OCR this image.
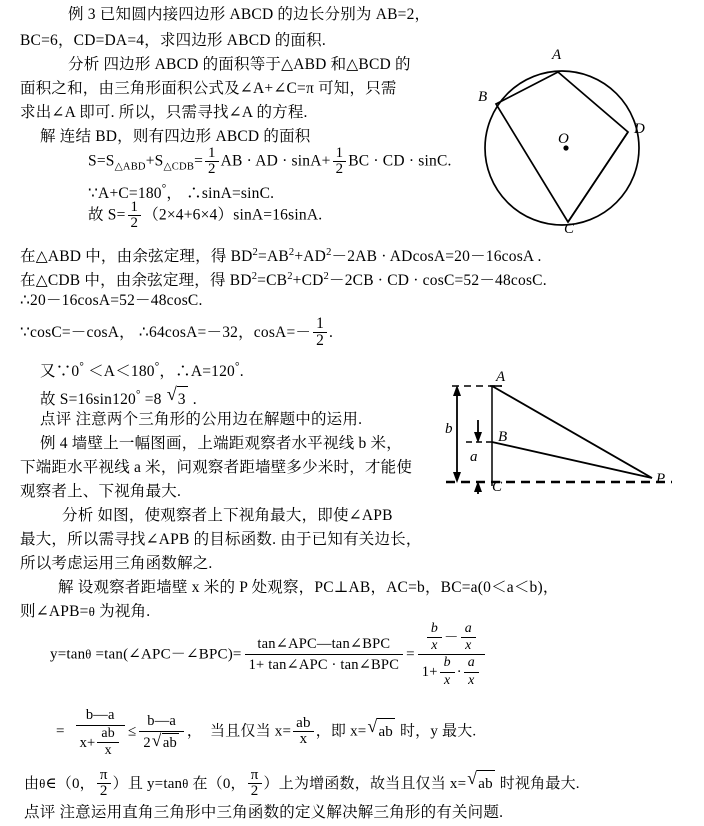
例 3 已知圆内接四边形 ABCD 的边长分别为 AB=2，
BC=6，CD=DA=4，求四边形 ABCD 的面积.
分析 四边形 ABCD 的面积等于△ABD 和△BCD 的
面积之和，由三角形面积公式及∠A+∠C=π 可知，只需
求出∠A 即可. 所以，只需寻找∠A 的方程.
解 连结 BD，则有四边形 ABCD 的面积
$S=S_{\triangle ABD}+S_{\triangle CDB}= \frac{1}{2}$ AB · AD · $\sin A+ \frac{1}{2}$ BC · CD · sinC.
∵A+C=180°， ∴sinA=sinC.
故 $S= \frac{1}{2} (2\times 4+6\times 4)\sin A=16\sin A$.
在△ABD 中，由余弦定理，得 $BD^2=AB^2+AD^2-2AB \cdot ADcosA=20-16\cos A$ .
在△CDB 中，由余弦定理，得 $BD^2=CB^2+CD^2-2CB$ · CD · cosC=52－48cosC.
∴20－16cosA=52－48cosC.
∵cosC=－cosA， ∴64cosA=－32，$\cos A=- \frac{1}{2}$ .
又∵0° ＜A＜180°，∴A=120°.
故 S=16sin120° =8 √ 3 .
点评 注意两个三角形的公用边在解题中的运用.
例 4 墙壁上一幅图画，上端距观察者水平视线 b 米，
下端距水平视线 a 米，问观察者距墙壁多少米时，才能使
观察者上、下视角最大.
分析 如图，使观察者上下视角最大，即使∠APB
最大，所以需寻找∠APB 的目标函数. 由于已知有关边长，
所以考虑运用三角函数解之.
解 设观察者距墙壁 x 米的 P 处观察，PC⊥AB，AC=b，BC=a(0＜a＜b)，
则∠APB=θ 为视角.
y=tanθ =tan(∠APC－∠BPC)= $\frac{\text{tan∠APC—tan∠BPC}}{\text{1+ tan∠APC · tan∠BPC}} = \frac{\frac{b}{x} - \frac{a}{x}}{1+ \frac{b}{x} \cdot \frac{a}{x}}$
= $\frac{b—a}{x+ \frac{ab}{x}} \le \frac{b—a}{2 √ ab}$ ， 当且仅当 $x= \frac{ab}{x}$ ，即 x= √ ab 时，y 最大.
由θ∈（0， $\frac{\pi}{2}$ ）且 y=tanθ 在（0， $\frac{\pi}{2}$ ）上为增函数，故当且仅当 x= √ ab 时视角最大.
点评 注意运用直角三角形中三角函数的定义解决解三角形的有关问题.
A
B
C
D
O
A
B
C	P
b
a
